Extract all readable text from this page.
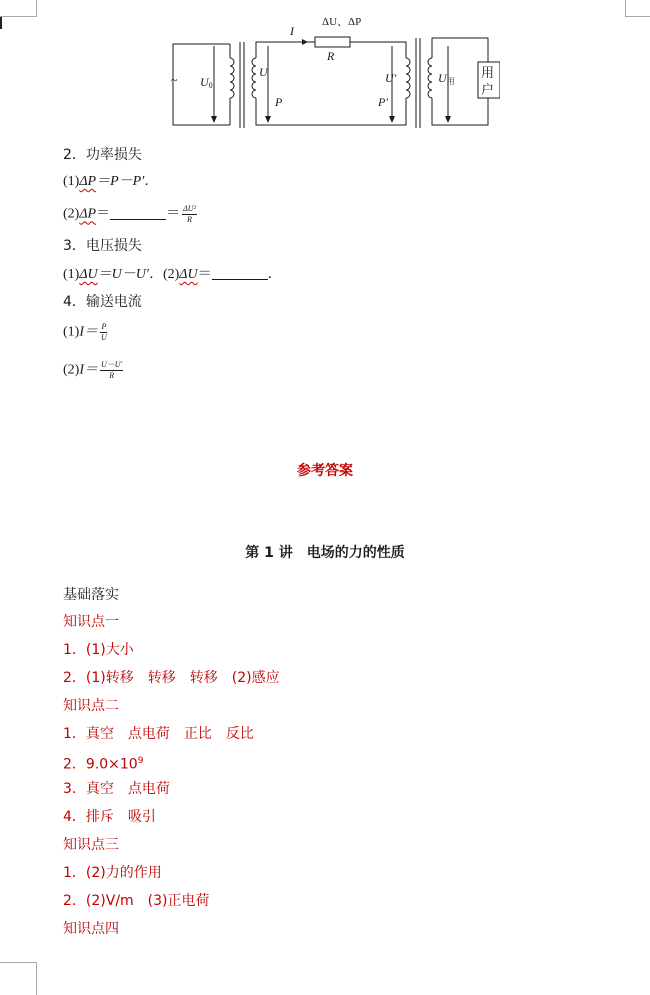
~ U0
U
P
I
ΔU、ΔP
R
U′
P′
U用
用
户
2．功率损失
(1)ΔP＝P－P′．
(2)ΔP＝	＝ $\frac{\text{ΔU²}}{R}$
3．电压损失
(1)ΔU＝U－U′．(2)ΔU＝	．
4．输送电流
$(1)I= \frac{P}{U}$
$(2)I= \frac{U-U'}{R}$
参考答案
第 1 讲　电场的力的性质
基础落实
知识点一
1．(1)大小
2．(1)转移　转移　转移　(2)感应
知识点二
1．真空　点电荷　正比　反比
2．$9.0\times 10^9$
3．真空　点电荷
4．排斥　吸引
知识点三
1．(2)力的作用
2．(2)V/m　(3)正电荷
知识点四
